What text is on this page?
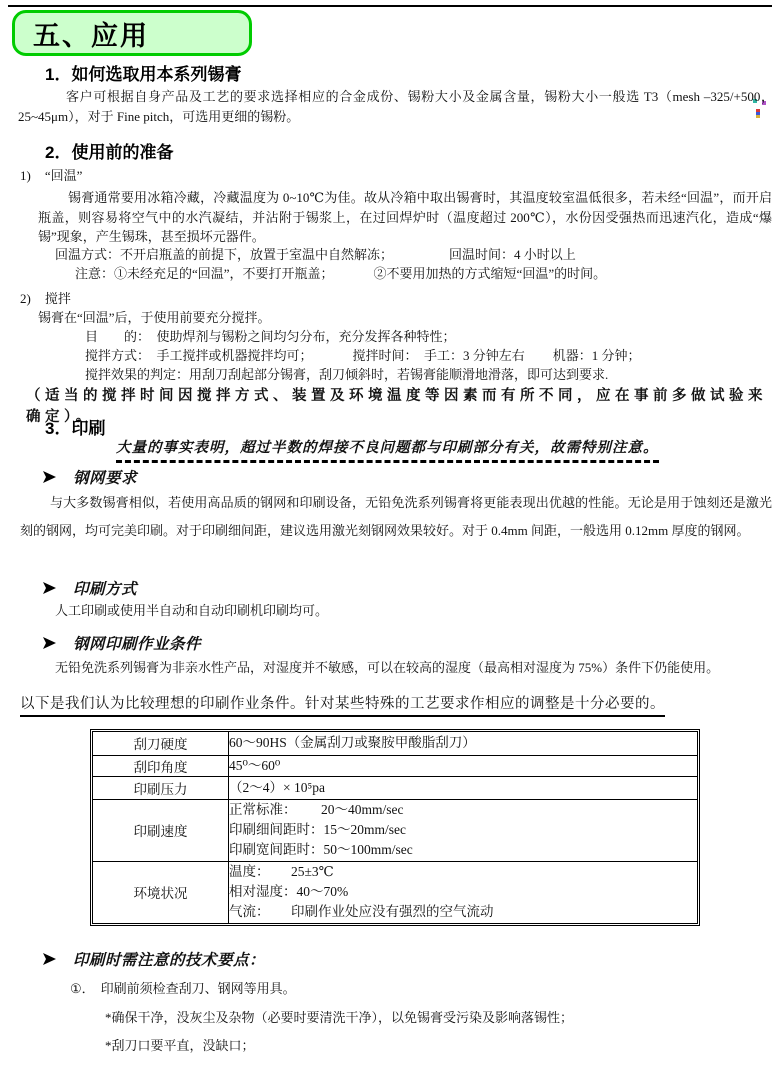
五、应用
1．如何选取用本系列锡膏
客户可根据自身产品及工艺的要求选择相应的合金成份、锡粉大小及金属含量，锡粉大小一般选 T3（mesh –325/+500，25~45μm），对于 Fine pitch，可选用更细的锡粉。
2．使用前的准备
1) “回温”
锡膏通常要用冰箱冷藏，冷藏温度为 0~10℃为佳。故从冷箱中取出锡膏时，其温度较室温低很多，若未经“回温”，而开启瓶盖，则容易将空气中的水汽凝结，并沾附于锡浆上，在过回焊炉时（温度超过 200℃），水份因受强热而迅速汽化，造成“爆锡”现象，产生锡珠，甚至损坏元器件。
回温方式：不开启瓶盖的前提下，放置于室温中自然解冻；	回温时间：4 小时以上
注意：①未经充足的“回温”，不要打开瓶盖；	②不要用加热的方式缩短“回温”的时间。
2) 搅拌
锡膏在“回温”后，于使用前要充分搅拌。
目　　的：　使助焊剂与锡粉之间均匀分布，充分发挥各种特性；
搅拌方式：　手工搅拌或机器搅拌均可；	搅拌时间：　手工：3 分钟左右 机器：1 分钟；
搅拌效果的判定：用刮刀刮起部分锡膏，刮刀倾斜时，若锡膏能顺滑地滑落，即可达到要求.
（适当的搅拌时间因搅拌方式、装置及环境温度等因素而有所不同，应在事前多做试验来确定）。
3．印刷
大量的事实表明，超过半数的焊接不良问题都与印刷部分有关，故需特别注意。
钢网要求
与大多数锡膏相似，若使用高品质的钢网和印刷设备，无铅免洗系列锡膏将更能表现出优越的性能。无论是用于蚀刻还是激光刻的钢网，均可完美印刷。对于印刷细间距，建议选用激光刻钢网效果较好。对于 0.4mm 间距，一般选用 0.12mm 厚度的钢网。
印刷方式
人工印刷或使用半自动和自动印刷机印刷均可。
钢网印刷作业条件
无铅免洗系列锡膏为非亲水性产品，对湿度并不敏感，可以在较高的湿度（最高相对湿度为 75%）条件下仍能使用。
以下是我们认为比较理想的印刷作业条件。针对某些特殊的工艺要求作相应的调整是十分必要的。
刮刀硬度	60～90HS（金属刮刀或聚胺甲酸脂刮刀）

刮印角度	45⁰～60⁰

印刷压力	（2～4）× 10⁵pa

印刷速度	正常标准： 20～40mm/sec
印刷细间距时：15～20mm/sec
印刷宽间距时：50～100mm/sec

环境状况	温度： 25±3℃
相对湿度：40～70%
气流： 印刷作业处应没有强烈的空气流动
印刷时需注意的技术要点：
①． 印刷前须检查刮刀、钢网等用具。
*确保干净，没灰尘及杂物（必要时要清洗干净），以免锡膏受污染及影响落锡性；
*刮刀口要平直，没缺口；
